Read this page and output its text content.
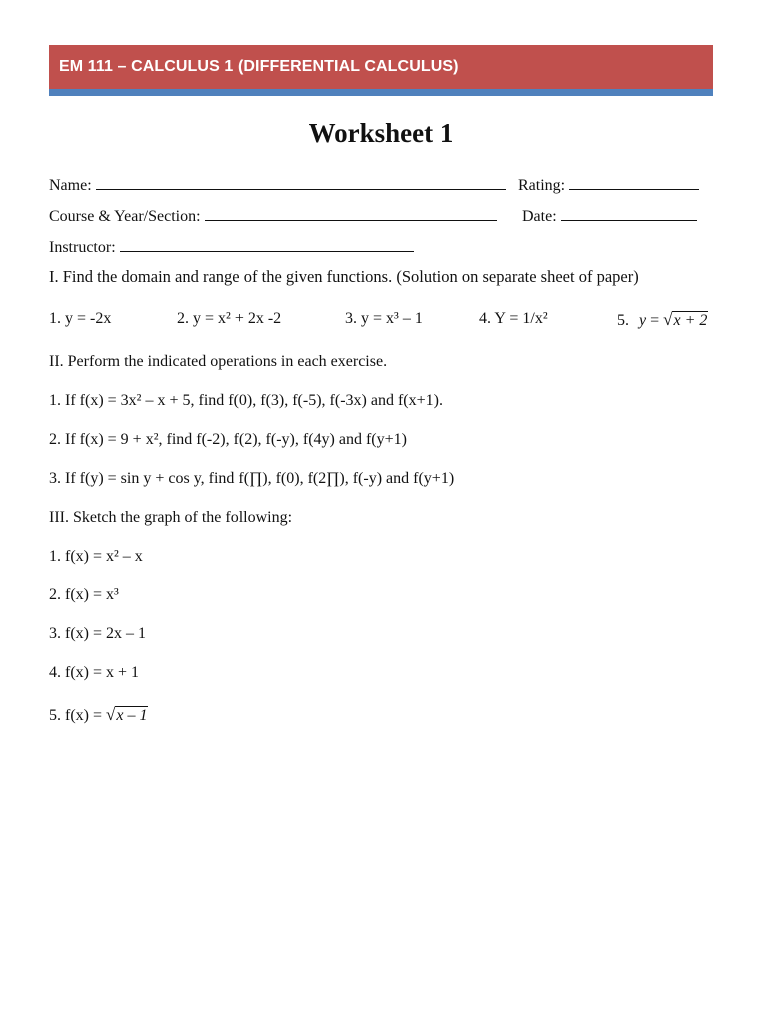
EM 111 – CALCULUS 1 (DIFFERENTIAL CALCULUS)
Worksheet 1
Name:	Rating:
Course & Year/Section:	Date:
Instructor:
I. Find the domain and range of the given functions. (Solution on separate sheet of paper)
1. y = -2x	2. y = x² + 2x -2	3. y = x³ – 1	4. Y = 1/x²	5. y = √x + 2
II. Perform the indicated operations in each exercise.
1. If f(x) = 3x² – x + 5, find f(0), f(3), f(-5), f(-3x) and f(x+1).
2. If f(x) = 9 + x², find f(-2), f(2), f(-y), f(4y) and f(y+1)
3. If f(y) = sin y + cos y, find f(∏), f(0), f(2∏), f(-y) and f(y+1)
III. Sketch the graph of the following:
1. f(x) = x² – x
2. f(x) = x³
3. f(x) = 2x – 1
4. f(x) = x + 1
5. f(x) = √x – 1
